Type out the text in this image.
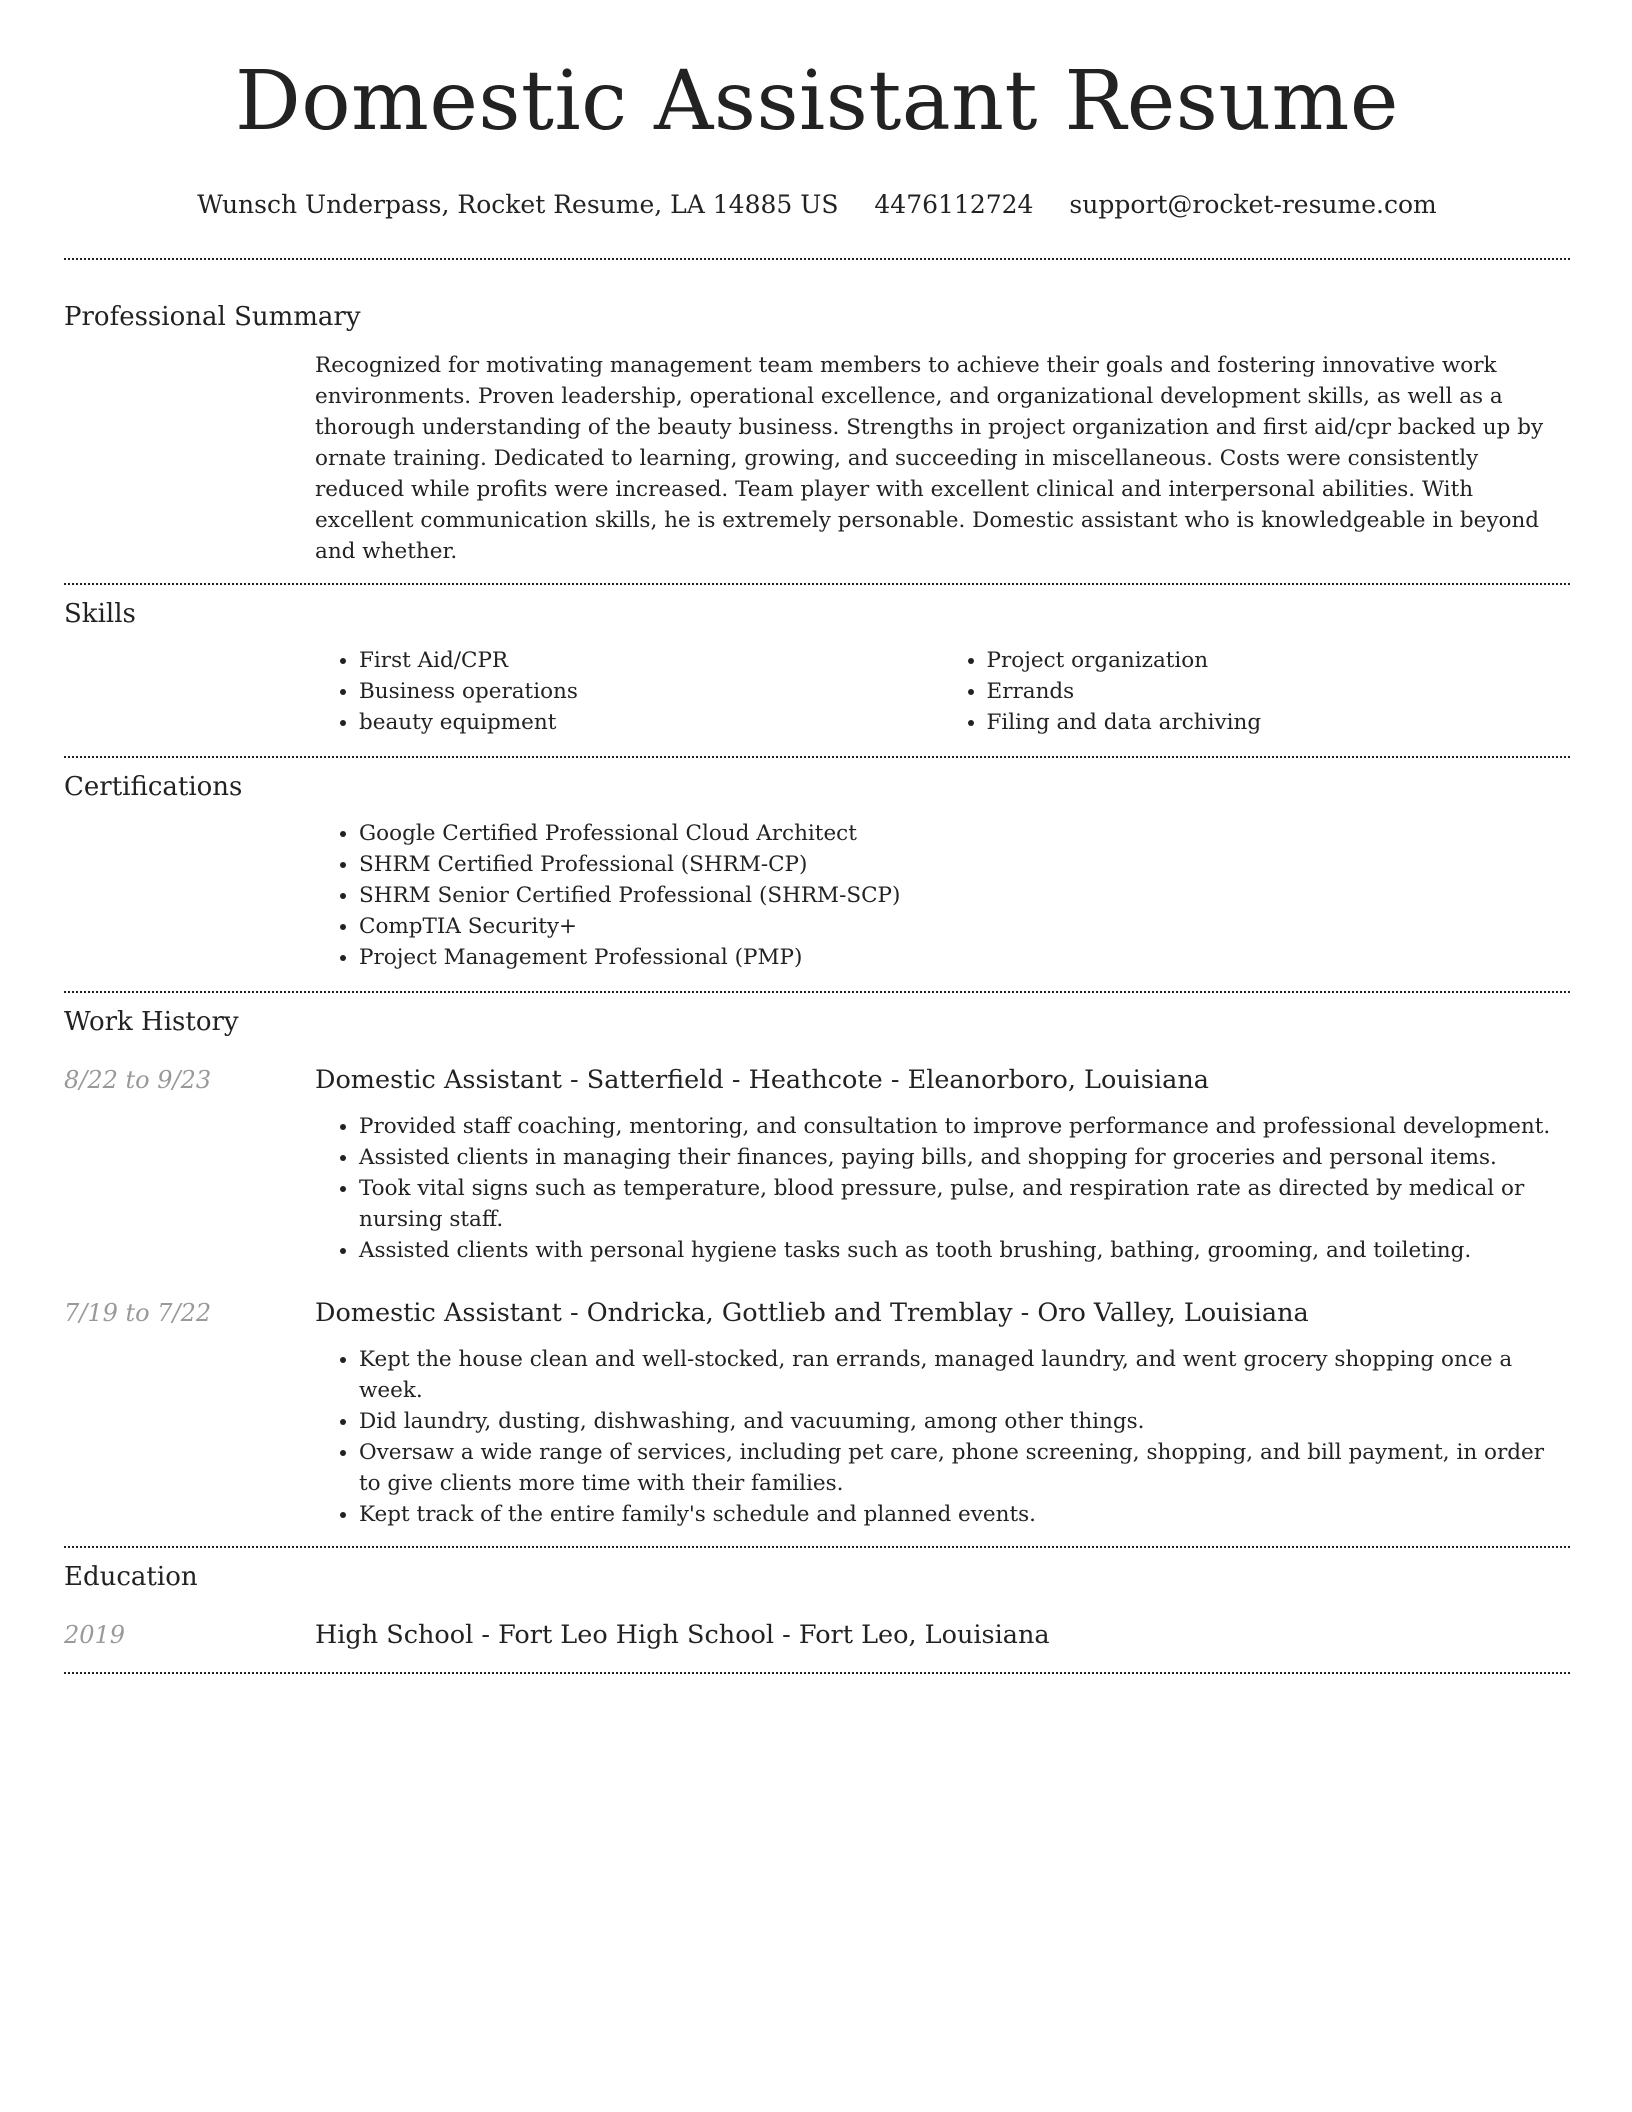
Domestic Assistant Resume
Wunsch Underpass, Rocket Resume, LA 14885 US 4476112724 support@rocket-resume.com
Professional Summary
Recognized for motivating management team members to achieve their goals and fostering innovative work environments. Proven leadership, operational excellence, and organizational development skills, as well as a thorough understanding of the beauty business. Strengths in project organization and first aid/cpr backed up by ornate training. Dedicated to learning, growing, and succeeding in miscellaneous. Costs were consistently reduced while profits were increased. Team player with excellent clinical and interpersonal abilities. With excellent communication skills, he is extremely personable. Domestic assistant who is knowledgeable in beyond and whether.
Skills
• First Aid/CPR
• Business operations
• beauty equipment
• Project organization
• Errands
• Filing and data archiving
Certifications
• Google Certified Professional Cloud Architect
• SHRM Certified Professional (SHRM-CP)
• SHRM Senior Certified Professional (SHRM-SCP)
• CompTIA Security+
• Project Management Professional (PMP)
Work History
8/22 to 9/23	Domestic Assistant - Satterfield - Heathcote - Eleanorboro, Louisiana
• Provided staff coaching, mentoring, and consultation to improve performance and professional development.
• Assisted clients in managing their finances, paying bills, and shopping for groceries and personal items.
• Took vital signs such as temperature, blood pressure, pulse, and respiration rate as directed by medical or nursing staff.
• Assisted clients with personal hygiene tasks such as tooth brushing, bathing, grooming, and toileting.
7/19 to 7/22	Domestic Assistant - Ondricka, Gottlieb and Tremblay - Oro Valley, Louisiana
• Kept the house clean and well-stocked, ran errands, managed laundry, and went grocery shopping once a week.
• Did laundry, dusting, dishwashing, and vacuuming, among other things.
• Oversaw a wide range of services, including pet care, phone screening, shopping, and bill payment, in order to give clients more time with their families.
• Kept track of the entire family's schedule and planned events.
Education
2019	High School - Fort Leo High School - Fort Leo, Louisiana
